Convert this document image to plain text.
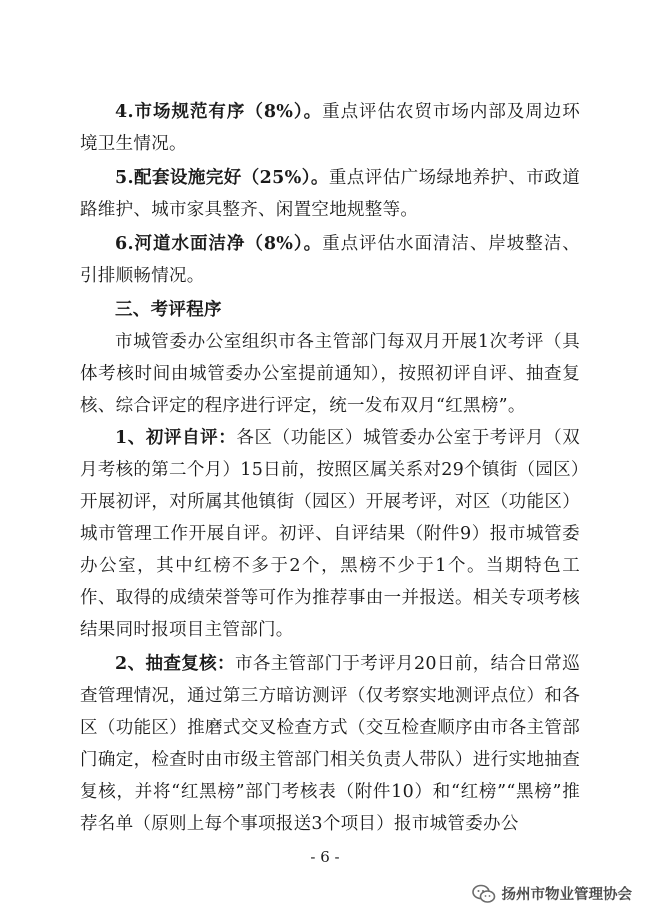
4.市场规范有序（8%）。重点评估农贸市场内部及周边环境卫生情况。

5.配套设施完好（25%）。重点评估广场绿地养护、市政道路维护、城市家具整齐、闲置空地规整等。

6.河道水面洁净（8%）。重点评估水面清洁、岸坡整洁、引排顺畅情况。

三、考评程序

市城管委办公室组织市各主管部门每双月开展1次考评（具体考核时间由城管委办公室提前通知），按照初评自评、抽查复核、综合评定的程序进行评定，统一发布双月“红黑榜”。

1、初评自评：各区（功能区）城管委办公室于考评月（双月考核的第二个月）15日前，按照区属关系对29个镇街（园区）开展初评，对所属其他镇街（园区）开展考评，对区（功能区）城市管理工作开展自评。初评、自评结果（附件9）报市城管委办公室，其中红榜不多于2个，黑榜不少于1个。当期特色工作、取得的成绩荣誉等可作为推荐事由一并报送。相关专项考核结果同时报项目主管部门。

2、抽查复核：市各主管部门于考评月20日前，结合日常巡查管理情况，通过第三方暗访测评（仅考察实地测评点位）和各区（功能区）推磨式交叉检查方式（交互检查顺序由市各主管部门确定，检查时由市级主管部门相关负责人带队）进行实地抽查复核，并将“红黑榜”部门考核表（附件10）和“红榜”“黑榜”推荐名单（原则上每个事项报送3个项目）报市城管委办公

- 6 -
扬州市物业管理协会
